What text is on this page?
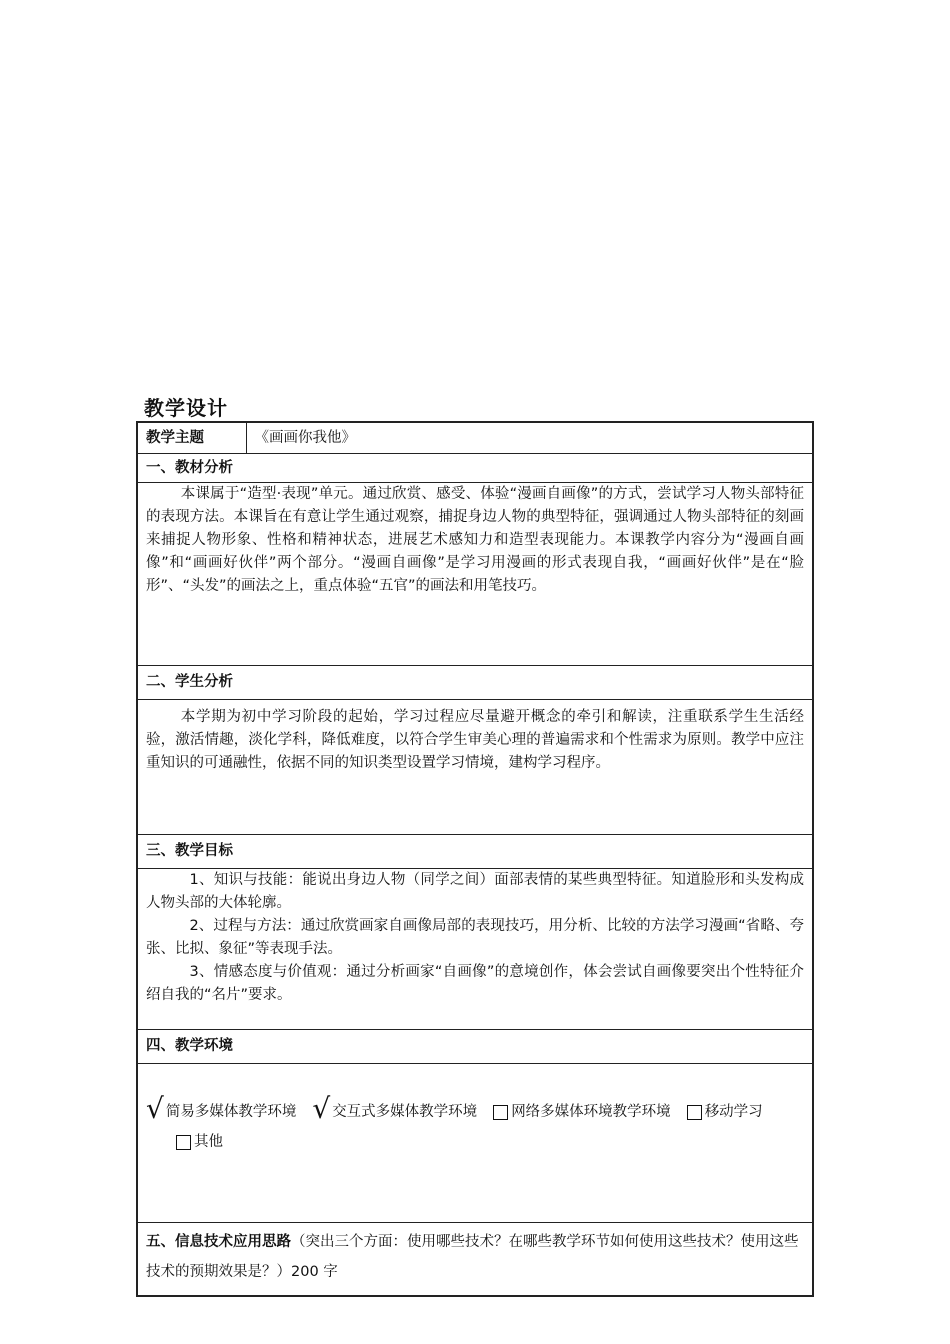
教学设计
教学主题	《画画你我他》
一、教材分析

本课属于“造型·表现”单元。通过欣赏、感受、体验“漫画自画像”的方式，尝试学习人物头部特征的表现方法。本课旨在有意让学生通过观察，捕捉身边人物的典型特征，强调通过人物头部特征的刻画来捕捉人物形象、性格和精神状态，进展艺术感知力和造型表现能力。本课教学内容分为“漫画自画像”和“画画好伙伴”两个部分。“漫画自画像”是学习用漫画的形式表现自我，“画画好伙伴”是在“脸形”、“头发”的画法之上，重点体验“五官”的画法和用笔技巧。

二、学生分析

本学期为初中学习阶段的起始，学习过程应尽量避开概念的牵引和解读，注重联系学生生活经验，激活情趣，淡化学科，降低难度，以符合学生审美心理的普遍需求和个性需求为原则。教学中应注重知识的可通融性，依据不同的知识类型设置学习情境，建构学习程序。

三、教学目标

1、知识与技能：能说出身边人物（同学之间）面部表情的某些典型特征。知道脸形和头发构成人物头部的大体轮廓。

2、过程与方法：通过欣赏画家自画像局部的表现技巧，用分析、比较的方法学习漫画“省略、夸张、比拟、象征”等表现手法。

3、情感态度与价值观：通过分析画家“自画像”的意境创作，体会尝试自画像要突出个性特征介绍自我的“名片”要求。

四、教学环境

√ 简易多媒体教学环境 √ 交互式多媒体教学环境 网络多媒体环境教学环境 移动学习
其他

五、信息技术应用思路（突出三个方面：使用哪些技术？在哪些教学环节如何使用这些技术？使用这些技术的预期效果是？）200 字
